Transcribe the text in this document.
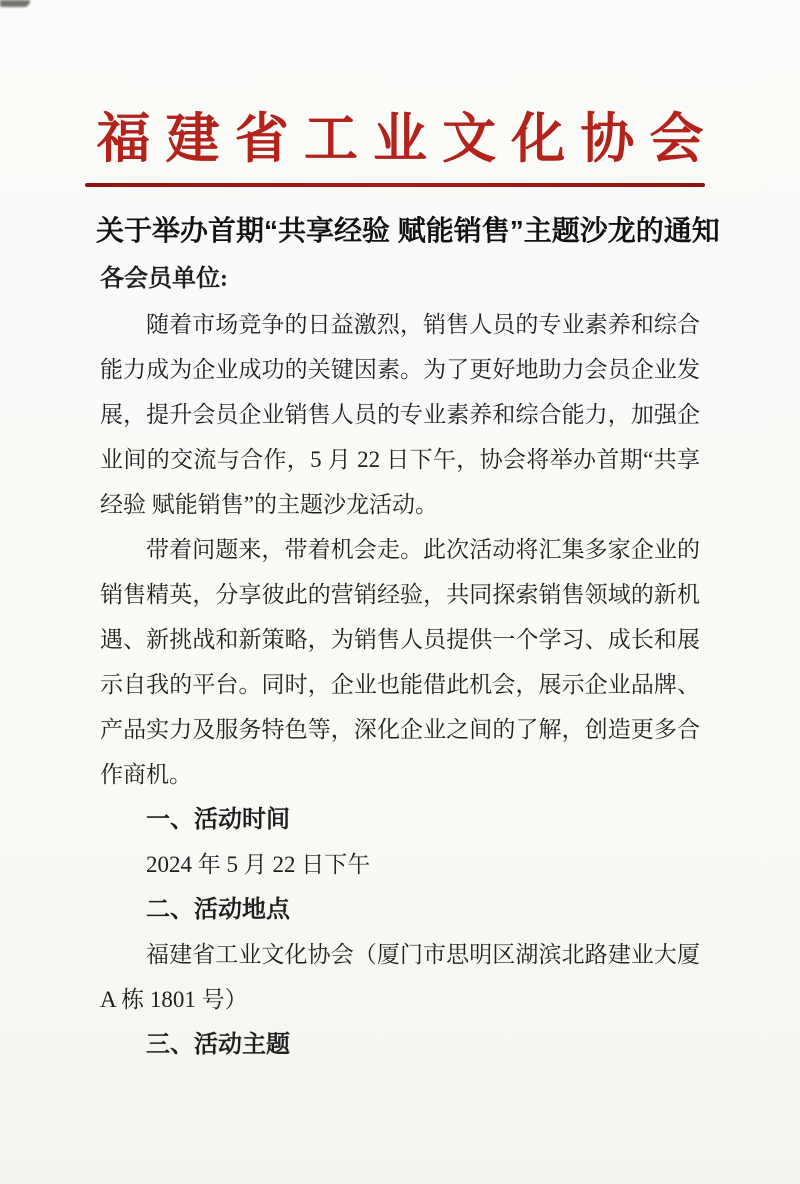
福建省工业文化协会
关于举办首期“共享经验 赋能销售”主题沙龙的通知
各会员单位:
随着市场竞争的日益激烈，销售人员的专业素养和综合
能力成为企业成功的关键因素。为了更好地助力会员企业发
展，提升会员企业销售人员的专业素养和综合能力，加强企
业间的交流与合作，5 月 22 日下午，协会将举办首期“共享
经验 赋能销售”的主题沙龙活动。
带着问题来，带着机会走。此次活动将汇集多家企业的
销售精英，分享彼此的营销经验，共同探索销售领域的新机
遇、新挑战和新策略，为销售人员提供一个学习、成长和展
示自我的平台。同时，企业也能借此机会，展示企业品牌、
产品实力及服务特色等，深化企业之间的了解，创造更多合
作商机。
一、活动时间
2024 年 5 月 22 日下午
二、活动地点
福建省工业文化协会（厦门市思明区湖滨北路建业大厦
A 栋 1801 号）
三、活动主题
